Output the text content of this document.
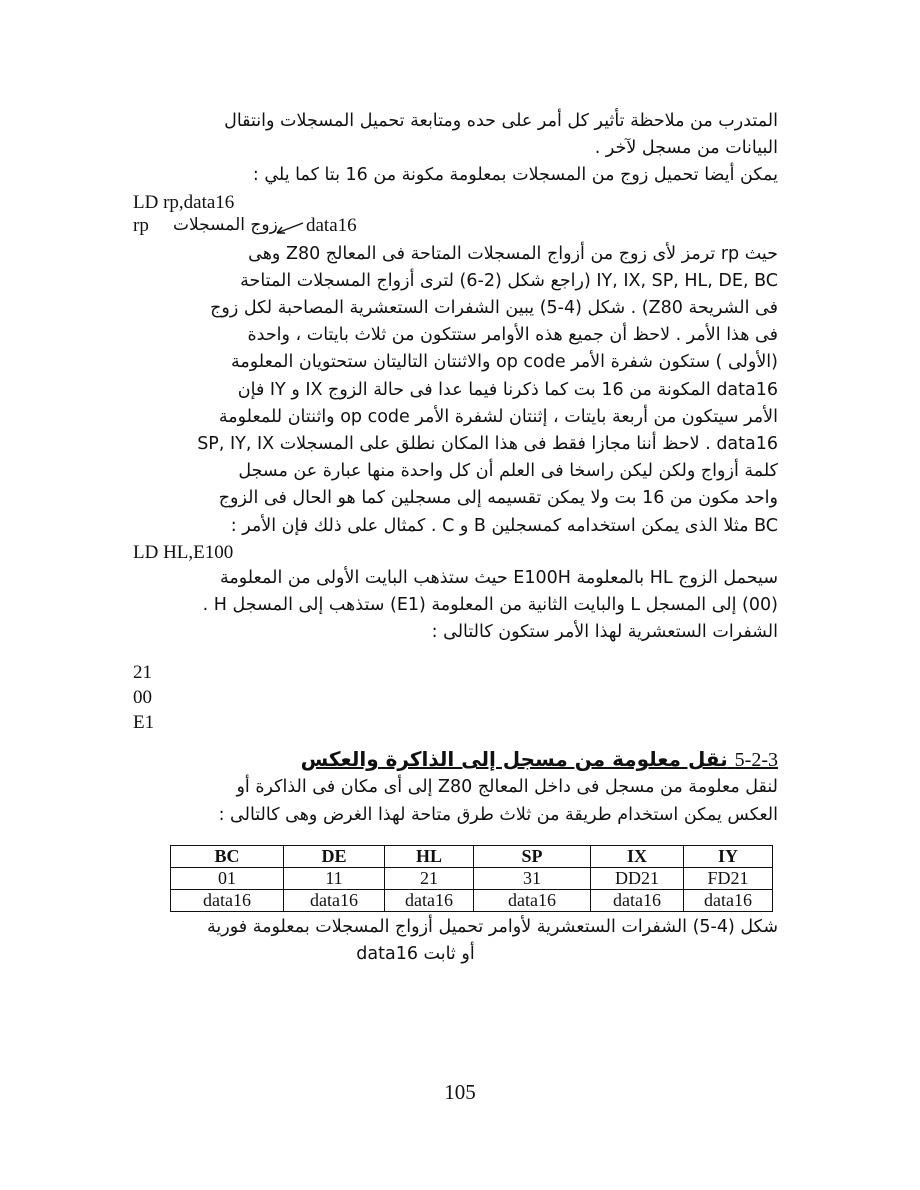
المتدرب من ملاحظة تأثير كل أمر على حده ومتابعة تحميل المسجلات وانتقال

البيانات من مسجل لآخر .

يمكن أيضا تحميل زوج من المسجلات بمعلومة مكونة من 16 بتا كما يلي :

LD rp,data16
rp زوج المسجلات data16

حيث rp ترمز لأى زوج من أزواج المسجلات المتاحة فى المعالج Z80 وهى

IY, IX, SP, HL, DE, BC (راجع شكل (2-6) لترى أزواج المسجلات المتاحة

فى الشريحة Z80) . شكل (4-5) يبين الشفرات الستعشرية المصاحبة لكل زوج

فى هذا الأمر . لاحظ أن جميع هذه الأوامر ستتكون من ثلاث بايتات ، واحدة

(الأولى ) ستكون شفرة الأمر op code والاثنتان التاليتان ستحتويان المعلومة

data16 المكونة من 16 بت كما ذكرنا فيما عدا فى حالة الزوج IX و IY فإن

الأمر سيتكون من أربعة بايتات ، إثنتان لشفرة الأمر op code واثنتان للمعلومة

data16 . لاحظ أننا مجازا فقط فى هذا المكان نطلق على المسجلات SP, IY, IX

كلمة أزواج ولكن ليكن راسخا فى العلم أن كل واحدة منها عبارة عن مسجل

واحد مكون من 16 بت ولا يمكن تقسيمه إلى مسجلين كما هو الحال فى الزوج

BC مثلا الذى يمكن استخدامه كمسجلين B و C . كمثال على ذلك فإن الأمر :

LD HL,E100

سيحمل الزوج HL بالمعلومة E100H حيث ستذهب البايت الأولى من المعلومة

(00) إلى المسجل L والبايت الثانية من المعلومة (E1) ستذهب إلى المسجل H .

الشفرات الستعشرية لهذا الأمر ستكون كالتالى :

21
00
E1
5-2-3 نقل معلومة من مسجل إلى الذاكرة والعكس

لنقل معلومة من مسجل فى داخل المعالج Z80 إلى أى مكان فى الذاكرة أو

العكس يمكن استخدام طريقة من ثلاث طرق متاحة لهذا الغرض وهى كالتالى :

BC	DE	HL	SP	IX	IY
01	11	21	31	DD21	FD21
data16	data16	data16	data16	data16	data16
شكل (4-5) الشفرات الستعشرية لأوامر تحميل أزواج المسجلات بمعلومة فورية
أو ثابت data16
105
